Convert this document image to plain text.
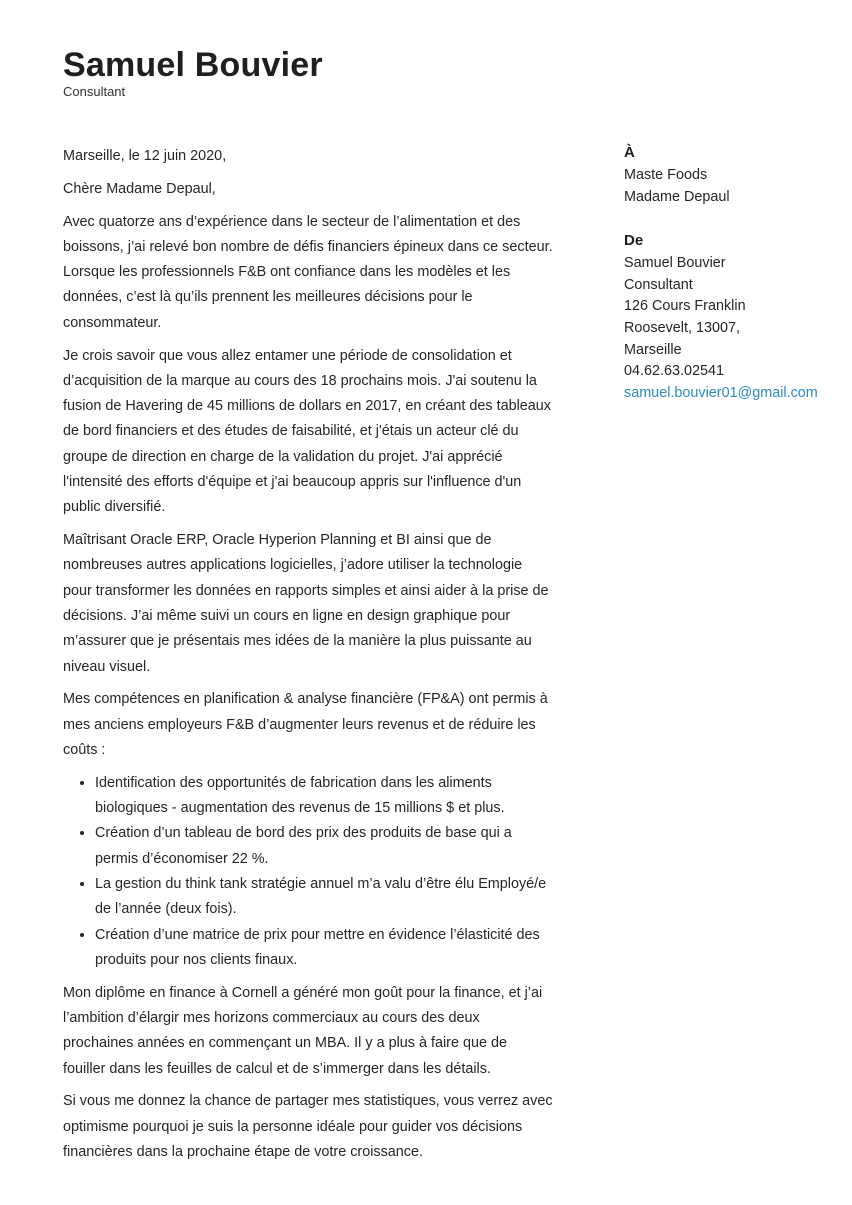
Samuel Bouvier
Consultant

Marseille, le 12 juin 2020,

Chère Madame Depaul,

Avec quatorze ans d’expérience dans le secteur de l’alimentation et des boissons, j’ai relevé bon nombre de défis financiers épineux dans ce secteur. Lorsque les professionnels F&B ont confiance dans les modèles et les données, c’est là qu’ils prennent les meilleures décisions pour le consommateur.

Je crois savoir que vous allez entamer une période de consolidation et d’acquisition de la marque au cours des 18 prochains mois. J'ai soutenu la fusion de Havering de 45 millions de dollars en 2017, en créant des tableaux de bord financiers et des études de faisabilité, et j'étais un acteur clé du groupe de direction en charge de la validation du projet. J'ai apprécié l'intensité des efforts d'équipe et j'ai beaucoup appris sur l'influence d'un public diversifié.

Maîtrisant Oracle ERP, Oracle Hyperion Planning et BI ainsi que de nombreuses autres applications logicielles, j’adore utiliser la technologie pour transformer les données en rapports simples et ainsi aider à la prise de décisions. J’ai même suivi un cours en ligne en design graphique pour m’assurer que je présentais mes idées de la manière la plus puissante au niveau visuel.

Mes compétences en planification & analyse financière (FP&A) ont permis à mes anciens employeurs F&B d’augmenter leurs revenus et de réduire les coûts :

• Identification des opportunités de fabrication dans les aliments biologiques - augmentation des revenus de 15 millions $ et plus.
• Création d’un tableau de bord des prix des produits de base qui a permis d’économiser 22 %.
• La gestion du think tank stratégie annuel m’a valu d’être élu Employé/e de l’année (deux fois).
• Création d’une matrice de prix pour mettre en évidence l’élasticité des produits pour nos clients finaux.

Mon diplôme en finance à Cornell a généré mon goût pour la finance, et j’ai l’ambition d’élargir mes horizons commerciaux au cours des deux prochaines années en commençant un MBA. Il y a plus à faire que de fouiller dans les feuilles de calcul et de s’immerger dans les détails.

Si vous me donnez la chance de partager mes statistiques, vous verrez avec optimisme pourquoi je suis la personne idéale pour guider vos décisions financières dans la prochaine étape de votre croissance.

À
Maste Foods
Madame Depaul
De
Samuel Bouvier
Consultant
126 Cours Franklin
Roosevelt, 13007,
Marseille
04.62.63.02541
samuel.bouvier01@gmail.com
